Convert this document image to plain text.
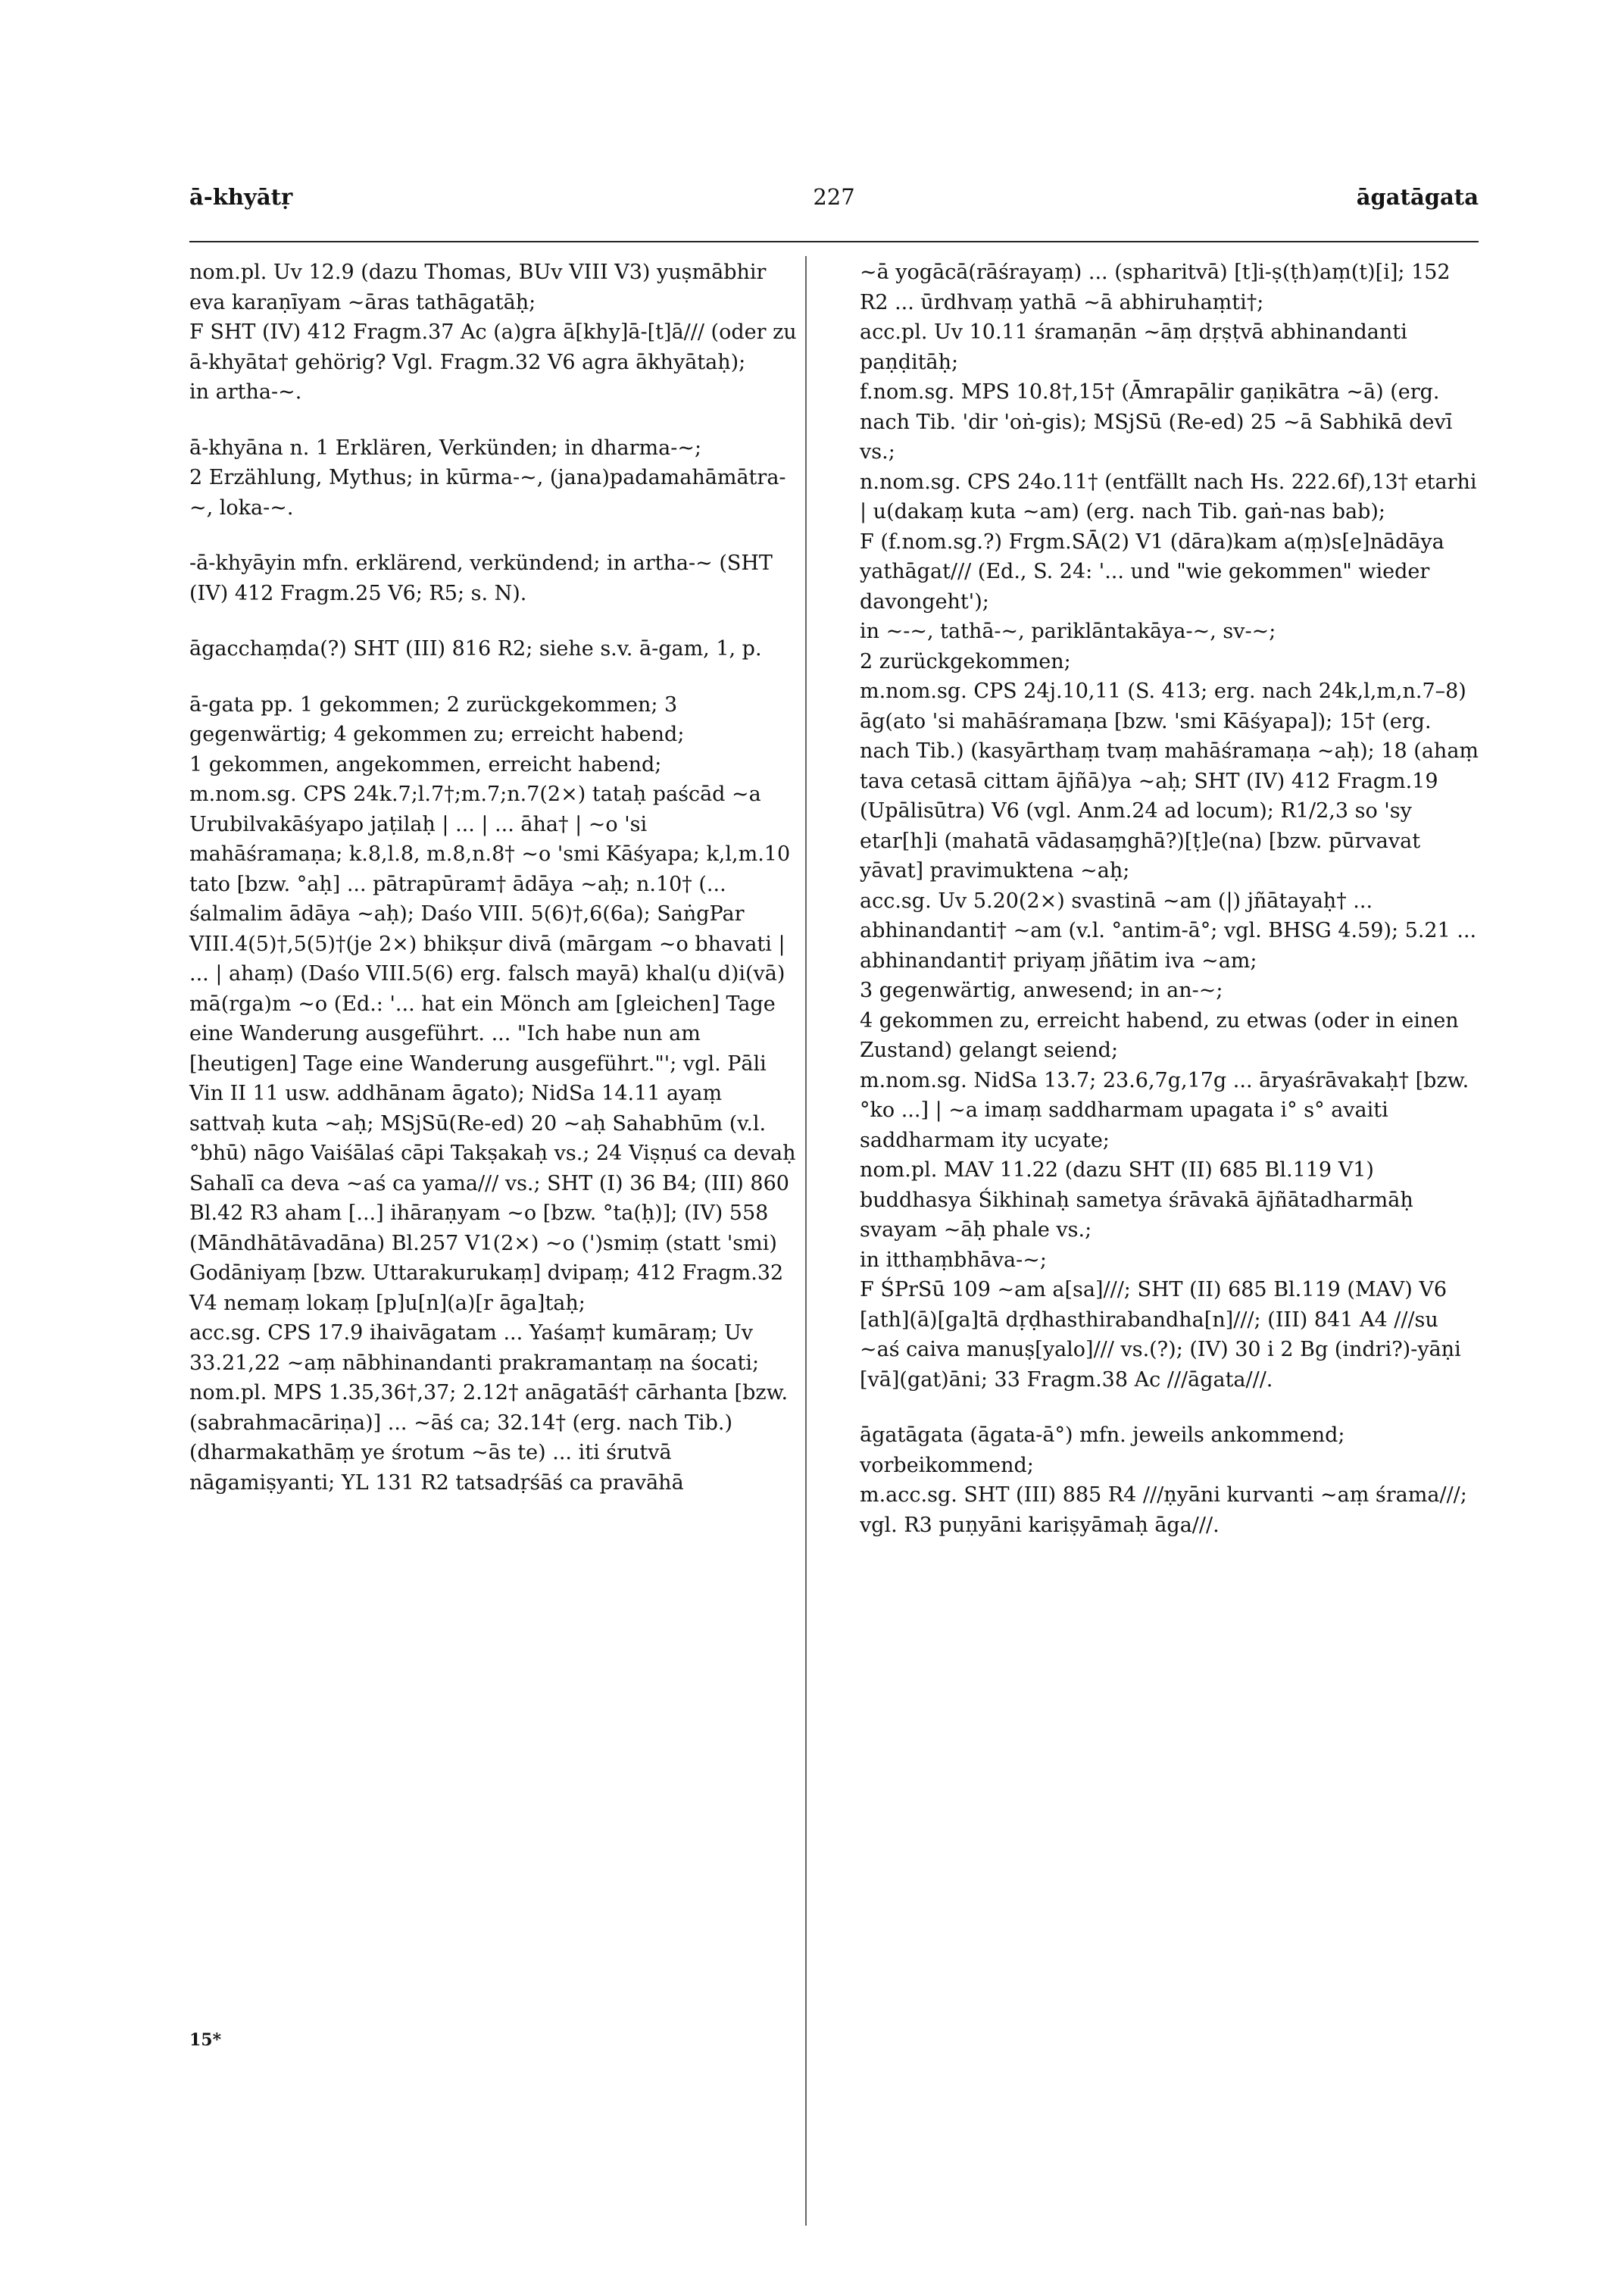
ā-khyātṛ	227	āgatāgata

nom.pl. Uv 12.9 (dazu Thomas, BUv VIII V3) yuṣmābhir eva karaṇīyam ~āras tathāgatāḥ;

F SHT (IV) 412 Fragm.37 Ac (a)gra ā[khy]ā-[t]ā/// (oder zu ā-khyāta† gehörig? Vgl. Fragm.32 V6 agra ākhyātaḥ);

in artha-~.

ā-khyāna n. 1 Erklären, Verkünden; in dharma-~;

2 Erzählung, Mythus; in kūrma-~, (jana)padamahāmātra-~, loka-~.

-ā-khyāyin mfn. erklärend, verkündend; in artha-~ (SHT (IV) 412 Fragm.25 V6; R5; s. N).

āgacchaṃda(?) SHT (III) 816 R2; siehe s.v. ā-gam, 1, p.

ā-gata pp. 1 gekommen; 2 zurückgekommen; 3 gegenwärtig; 4 gekommen zu; erreicht habend;

1 gekommen, angekommen, erreicht habend;

m.nom.sg. CPS 24k.7;l.7†;m.7;n.7(2×) tataḥ paścād ~a Urubilvakāśyapo jaṭilaḥ | ... | ... āha† | ~o 'si mahāśramaṇa; k.8,l.8, m.8,n.8† ~o 'smi Kāśyapa; k,l,m.10 tato [bzw. °aḥ] ... pātrapūram† ādāya ~aḥ; n.10† (... śalmalim ādāya ~aḥ); Daśo VIII. 5(6)†,6(6a); SaṅgPar VIII.4(5)†,5(5)†(je 2×) bhikṣur divā (mārgam ~o bhavati | ... | ahaṃ) (Daśo VIII.5(6) erg. falsch mayā) khal(u d)i(vā) mā(rga)m ~o (Ed.: '... hat ein Mönch am [gleichen] Tage eine Wanderung ausgeführt. ... "Ich habe nun am [heutigen] Tage eine Wanderung ausgeführt."'; vgl. Pāli Vin II 11 usw. addhānam āgato); NidSa 14.11 ayaṃ sattvaḥ kuta ~aḥ; MSjSū(Re-ed) 20 ~aḥ Sahabhūm (v.l. °bhū) nāgo Vaiśālaś cāpi Takṣakaḥ vs.; 24 Viṣṇuś ca devaḥ Sahalī ca deva ~aś ca yama/// vs.; SHT (I) 36 B4; (III) 860 Bl.42 R3 aham [...] ihāraṇyam ~o [bzw. °ta(ḥ)]; (IV) 558 (Māndhātāvadāna) Bl.257 V1(2×) ~o (')smiṃ (statt 'smi) Godāniyaṃ [bzw. Uttarakurukaṃ] dvipaṃ; 412 Fragm.32 V4 nemaṃ lokaṃ [p]u[n](a)[r āga]taḥ;

acc.sg. CPS 17.9 ihaivāgatam ... Yaśaṃ† kumāraṃ; Uv 33.21,22 ~aṃ nābhinandanti prakramantaṃ na śocati;

nom.pl. MPS 1.35,36†,37; 2.12† anāgatāś† cārhanta [bzw. (sabrahmacāriṇa)] ... ~āś ca; 32.14† (erg. nach Tib.) (dharmakathāṃ ye śrotum ~ās te) ... iti śrutvā nāgamiṣyanti; YL 131 R2 tatsadṛśāś ca pravāhā

~ā yogācā(rāśrayaṃ) ... (spharitvā) [t]i-ṣ(ṭh)aṃ(t)[i]; 152 R2 ... ūrdhvaṃ yathā ~ā abhiruhaṃti†;

acc.pl. Uv 10.11 śramaṇān ~āṃ dṛṣṭvā abhinandanti paṇḍitāḥ;

f.nom.sg. MPS 10.8†,15† (Āmrapālir gaṇikātra ~ā) (erg. nach Tib. 'dir 'oṅ-gis); MSjSū (Re-ed) 25 ~ā Sabhikā devī vs.;

n.nom.sg. CPS 24o.11† (entfällt nach Hs. 222.6f),13† etarhi | u(dakaṃ kuta ~am) (erg. nach Tib. gaṅ-nas bab);

F (f.nom.sg.?) Frgm.SĀ(2) V1 (dāra)kam a(ṃ)s[e]nādāya yathāgat/// (Ed., S. 24: '... und "wie gekommen" wieder davongeht');

in ~-~, tathā-~, pariklāntakāya-~, sv-~;

2 zurückgekommen;

m.nom.sg. CPS 24j.10,11 (S. 413; erg. nach 24k,l,m,n.7–8) āg(ato 'si mahāśramaṇa [bzw. 'smi Kāśyapa]); 15† (erg. nach Tib.) (kasyārthaṃ tvaṃ mahāśramaṇa ~aḥ); 18 (ahaṃ tava cetasā cittam ājñā)ya ~aḥ; SHT (IV) 412 Fragm.19 (Upālisūtra) V6 (vgl. Anm.24 ad locum); R1/2,3 so 'sy etar[h]i (mahatā vādasaṃghā?)[ṭ]e(na) [bzw. pūrvavat yāvat] pravimuktena ~aḥ;

acc.sg. Uv 5.20(2×) svastinā ~am (|) jñātayaḥ† ... abhinandanti† ~am (v.l. °antim-ā°; vgl. BHSG 4.59); 5.21 ... abhinandanti† priyaṃ jñātim iva ~am;

3 gegenwärtig, anwesend; in an-~;

4 gekommen zu, erreicht habend, zu etwas (oder in einen Zustand) gelangt seiend;

m.nom.sg. NidSa 13.7; 23.6,7g,17g ... āryaśrāvakaḥ† [bzw. °ko ...] | ~a imaṃ saddharmam upagata i° s° avaiti saddharmam ity ucyate;

nom.pl. MAV 11.22 (dazu SHT (II) 685 Bl.119 V1) buddhasya Śikhinaḥ sametya śrāvakā ājñātadharmāḥ svayam ~āḥ phale vs.;

in itthaṃbhāva-~;

F ŚPrSū 109 ~am a[sa]///; SHT (II) 685 Bl.119 (MAV) V6 [ath](ā)[ga]tā dṛḍhasthirabandha[n]///; (III) 841 A4 ///su ~aś caiva manuṣ[yalo]/// vs.(?); (IV) 30 i 2 Bg (indri?)-yāṇi [vā](gat)āni; 33 Fragm.38 Ac ///āgata///.

āgatāgata (āgata-ā°) mfn. jeweils ankommend; vorbeikommend;

m.acc.sg. SHT (III) 885 R4 ///ṇyāni kurvanti ~aṃ śrama///; vgl. R3 puṇyāni kariṣyāmaḥ āga///.

15*
